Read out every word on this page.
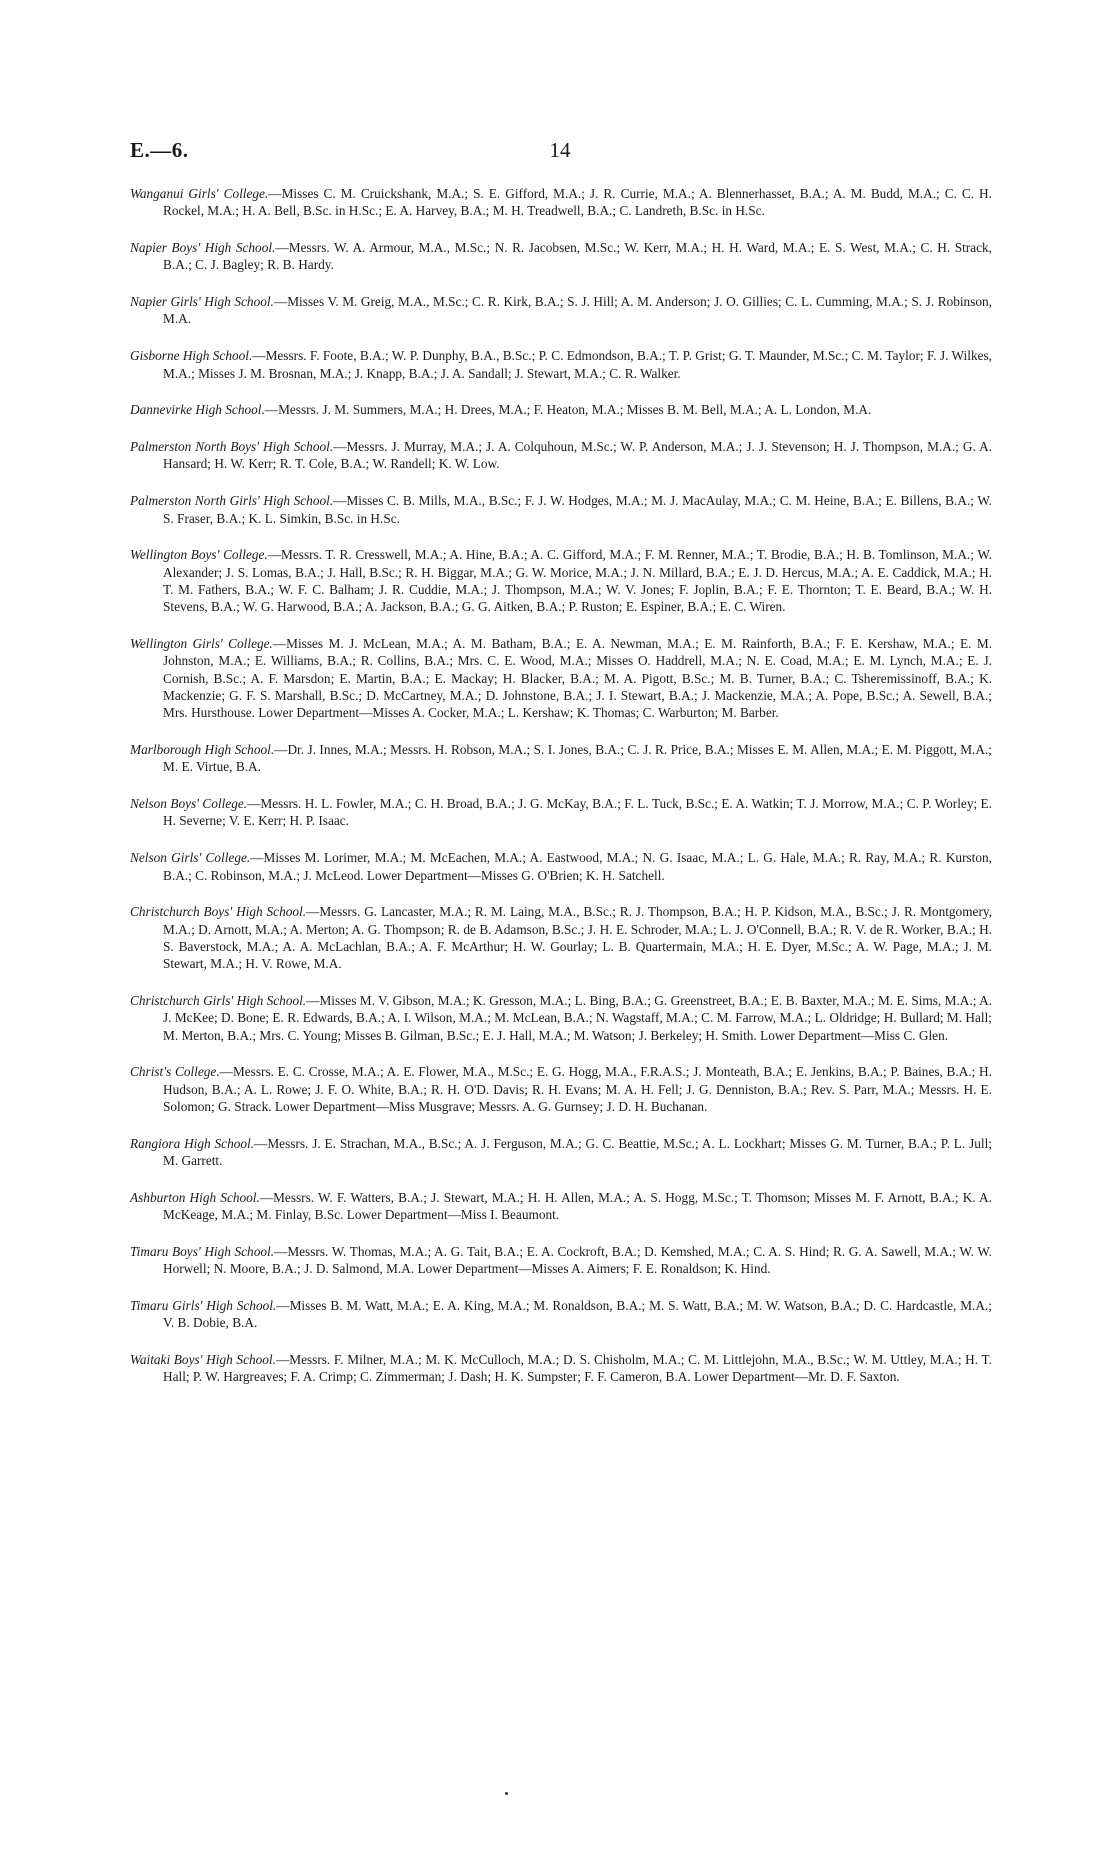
E.—6.	14

Wanganui Girls' College.—Misses C. M. Cruickshank, M.A.; S. E. Gifford, M.A.; J. R. Currie, M.A.; A. Blennerhasset, B.A.; A. M. Budd, M.A.; C. C. H. Rockel, M.A.; H. A. Bell, B.Sc. in H.Sc.; E. A. Harvey, B.A.; M. H. Treadwell, B.A.; C. Landreth, B.Sc. in H.Sc.

Napier Boys' High School.—Messrs. W. A. Armour, M.A., M.Sc.; N. R. Jacobsen, M.Sc.; W. Kerr, M.A.; H. H. Ward, M.A.; E. S. West, M.A.; C. H. Strack, B.A.; C. J. Bagley; R. B. Hardy.

Napier Girls' High School.—Misses V. M. Greig, M.A., M.Sc.; C. R. Kirk, B.A.; S. J. Hill; A. M. Anderson; J. O. Gillies; C. L. Cumming, M.A.; S. J. Robinson, M.A.

Gisborne High School.—Messrs. F. Foote, B.A.; W. P. Dunphy, B.A., B.Sc.; P. C. Edmondson, B.A.; T. P. Grist; G. T. Maunder, M.Sc.; C. M. Taylor; F. J. Wilkes, M.A.; Misses J. M. Brosnan, M.A.; J. Knapp, B.A.; J. A. Sandall; J. Stewart, M.A.; C. R. Walker.

Dannevirke High School.—Messrs. J. M. Summers, M.A.; H. Drees, M.A.; F. Heaton, M.A.; Misses B. M. Bell, M.A.; A. L. London, M.A.

Palmerston North Boys' High School.—Messrs. J. Murray, M.A.; J. A. Colquhoun, M.Sc.; W. P. Anderson, M.A.; J. J. Stevenson; H. J. Thompson, M.A.; G. A. Hansard; H. W. Kerr; R. T. Cole, B.A.; W. Randell; K. W. Low.

Palmerston North Girls' High School.—Misses C. B. Mills, M.A., B.Sc.; F. J. W. Hodges, M.A.; M. J. MacAulay, M.A.; C. M. Heine, B.A.; E. Billens, B.A.; W. S. Fraser, B.A.; K. L. Simkin, B.Sc. in H.Sc.

Wellington Boys' College.—Messrs. T. R. Cresswell, M.A.; A. Hine, B.A.; A. C. Gifford, M.A.; F. M. Renner, M.A.; T. Brodie, B.A.; H. B. Tomlinson, M.A.; W. Alexander; J. S. Lomas, B.A.; J. Hall, B.Sc.; R. H. Biggar, M.A.; G. W. Morice, M.A.; J. N. Millard, B.A.; E. J. D. Hercus, M.A.; A. E. Caddick, M.A.; H. T. M. Fathers, B.A.; W. F. C. Balham; J. R. Cuddie, M.A.; J. Thompson, M.A.; W. V. Jones; F. Joplin, B.A.; F. E. Thornton; T. E. Beard, B.A.; W. H. Stevens, B.A.; W. G. Harwood, B.A.; A. Jackson, B.A.; G. G. Aitken, B.A.; P. Ruston; E. Espiner, B.A.; E. C. Wiren.

Wellington Girls' College.—Misses M. J. McLean, M.A.; A. M. Batham, B.A.; E. A. Newman, M.A.; E. M. Rainforth, B.A.; F. E. Kershaw, M.A.; E. M. Johnston, M.A.; E. Williams, B.A.; R. Collins, B.A.; Mrs. C. E. Wood, M.A.; Misses O. Haddrell, M.A.; N. E. Coad, M.A.; E. M. Lynch, M.A.; E. J. Cornish, B.Sc.; A. F. Marsdon; E. Martin, B.A.; E. Mackay; H. Blacker, B.A.; M. A. Pigott, B.Sc.; M. B. Turner, B.A.; C. Tsheremissinoff, B.A.; K. Mackenzie; G. F. S. Marshall, B.Sc.; D. McCartney, M.A.; D. Johnstone, B.A.; J. I. Stewart, B.A.; J. Mackenzie, M.A.; A. Pope, B.Sc.; A. Sewell, B.A.; Mrs. Hursthouse. Lower Department—Misses A. Cocker, M.A.; L. Kershaw; K. Thomas; C. Warburton; M. Barber.

Marlborough High School.—Dr. J. Innes, M.A.; Messrs. H. Robson, M.A.; S. I. Jones, B.A.; C. J. R. Price, B.A.; Misses E. M. Allen, M.A.; E. M. Piggott, M.A.; M. E. Virtue, B.A.

Nelson Boys' College.—Messrs. H. L. Fowler, M.A.; C. H. Broad, B.A.; J. G. McKay, B.A.; F. L. Tuck, B.Sc.; E. A. Watkin; T. J. Morrow, M.A.; C. P. Worley; E. H. Severne; V. E. Kerr; H. P. Isaac.

Nelson Girls' College.—Misses M. Lorimer, M.A.; M. McEachen, M.A.; A. Eastwood, M.A.; N. G. Isaac, M.A.; L. G. Hale, M.A.; R. Ray, M.A.; R. Kurston, B.A.; C. Robinson, M.A.; J. McLeod. Lower Department—Misses G. O'Brien; K. H. Satchell.

Christchurch Boys' High School.—Messrs. G. Lancaster, M.A.; R. M. Laing, M.A., B.Sc.; R. J. Thompson, B.A.; H. P. Kidson, M.A., B.Sc.; J. R. Montgomery, M.A.; D. Arnott, M.A.; A. Merton; A. G. Thompson; R. de B. Adamson, B.Sc.; J. H. E. Schroder, M.A.; L. J. O'Connell, B.A.; R. V. de R. Worker, B.A.; H. S. Baverstock, M.A.; A. A. McLachlan, B.A.; A. F. McArthur; H. W. Gourlay; L. B. Quartermain, M.A.; H. E. Dyer, M.Sc.; A. W. Page, M.A.; J. M. Stewart, M.A.; H. V. Rowe, M.A.

Christchurch Girls' High School.—Misses M. V. Gibson, M.A.; K. Gresson, M.A.; L. Bing, B.A.; G. Greenstreet, B.A.; E. B. Baxter, M.A.; M. E. Sims, M.A.; A. J. McKee; D. Bone; E. R. Edwards, B.A.; A. I. Wilson, M.A.; M. McLean, B.A.; N. Wagstaff, M.A.; C. M. Farrow, M.A.; L. Oldridge; H. Bullard; M. Hall; M. Merton, B.A.; Mrs. C. Young; Misses B. Gilman, B.Sc.; E. J. Hall, M.A.; M. Watson; J. Berkeley; H. Smith. Lower Department—Miss C. Glen.

Christ's College.—Messrs. E. C. Crosse, M.A.; A. E. Flower, M.A., M.Sc.; E. G. Hogg, M.A., F.R.A.S.; J. Monteath, B.A.; E. Jenkins, B.A.; P. Baines, B.A.; H. Hudson, B.A.; A. L. Rowe; J. F. O. White, B.A.; R. H. O'D. Davis; R. H. Evans; M. A. H. Fell; J. G. Denniston, B.A.; Rev. S. Parr, M.A.; Messrs. H. E. Solomon; G. Strack. Lower Department—Miss Musgrave; Messrs. A. G. Gurnsey; J. D. H. Buchanan.

Rangiora High School.—Messrs. J. E. Strachan, M.A., B.Sc.; A. J. Ferguson, M.A.; G. C. Beattie, M.Sc.; A. L. Lockhart; Misses G. M. Turner, B.A.; P. L. Jull; M. Garrett.

Ashburton High School.—Messrs. W. F. Watters, B.A.; J. Stewart, M.A.; H. H. Allen, M.A.; A. S. Hogg, M.Sc.; T. Thomson; Misses M. F. Arnott, B.A.; K. A. McKeage, M.A.; M. Finlay, B.Sc. Lower Department—Miss I. Beaumont.

Timaru Boys' High School.—Messrs. W. Thomas, M.A.; A. G. Tait, B.A.; E. A. Cockroft, B.A.; D. Kemshed, M.A.; C. A. S. Hind; R. G. A. Sawell, M.A.; W. W. Horwell; N. Moore, B.A.; J. D. Salmond, M.A. Lower Department—Misses A. Aimers; F. E. Ronaldson; K. Hind.

Timaru Girls' High School.—Misses B. M. Watt, M.A.; E. A. King, M.A.; M. Ronaldson, B.A.; M. S. Watt, B.A.; M. W. Watson, B.A.; D. C. Hardcastle, M.A.; V. B. Dobie, B.A.

Waitaki Boys' High School.—Messrs. F. Milner, M.A.; M. K. McCulloch, M.A.; D. S. Chisholm, M.A.; C. M. Littlejohn, M.A., B.Sc.; W. M. Uttley, M.A.; H. T. Hall; P. W. Hargreaves; F. A. Crimp; C. Zimmerman; J. Dash; H. K. Sumpster; F. F. Cameron, B.A. Lower Department—Mr. D. F. Saxton.
